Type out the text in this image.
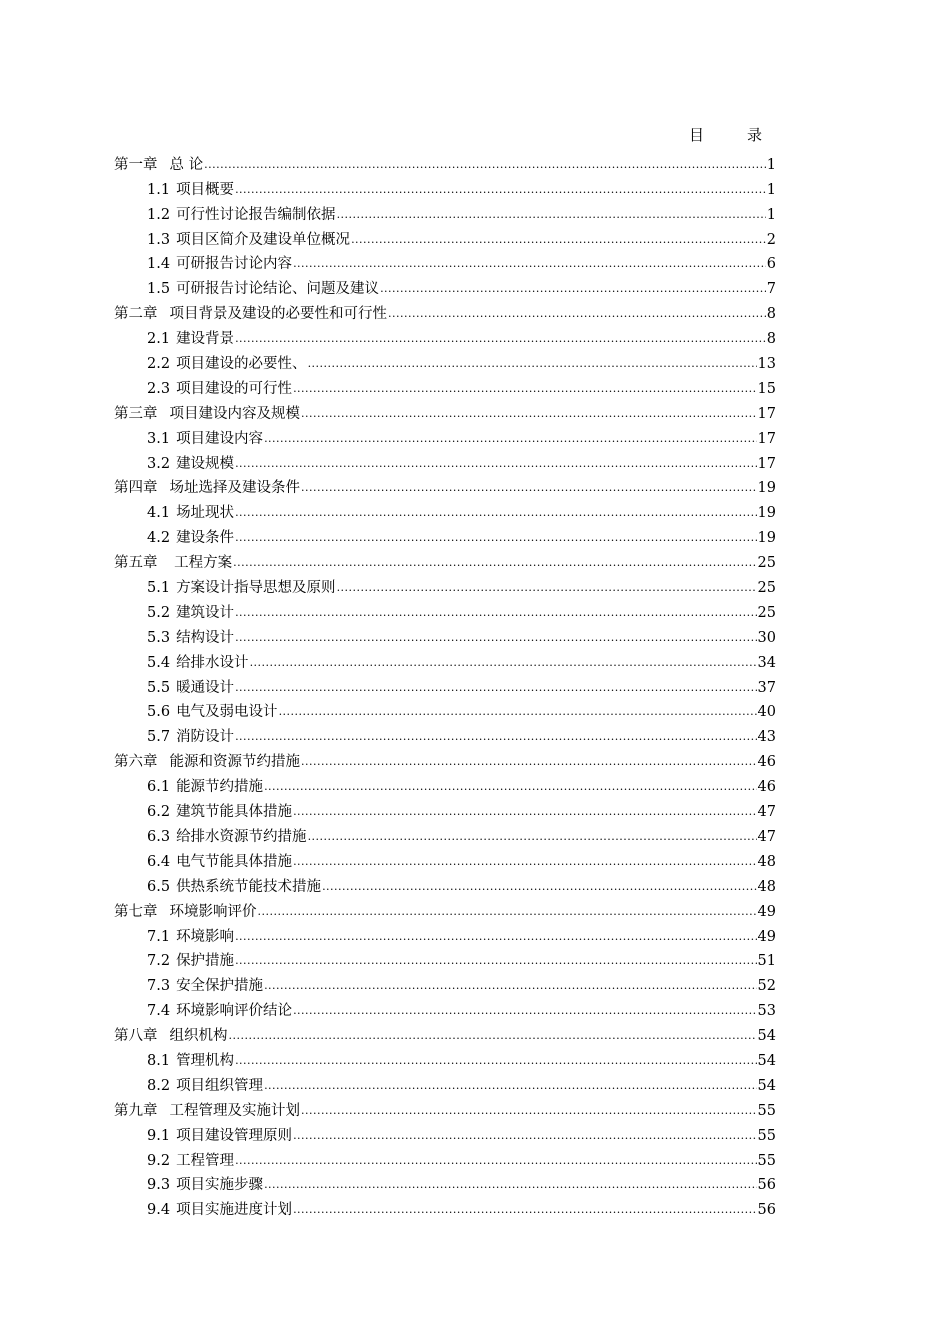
目　录
第一章 总 论 .....	1
1.1 项目概要 .....	1
1.2 可行性讨论报告编制依据 .....	1
1.3 项目区简介及建设单位概况 .....	2
1.4 可研报告讨论内容 .....	6
1.5 可研报告讨论结论、问题及建议 .....	7
第二章 项目背景及建设的必要性和可行性 .....	8
2.1 建设背景 .....	8
2.2 项目建设的必要性、 .....	13
2.3 项目建设的可行性 .....	15
第三章 项目建设内容及规模 .....	17
3.1 项目建设内容 .....	17
3.2 建设规模 .....	17
第四章 场址选择及建设条件 .....	19
4.1 场址现状 .....	19
4.2 建设条件 .....	19
第五章 工程方案 .....	25
5.1 方案设计指导思想及原则 .....	25
5.2 建筑设计 .....	25
5.3 结构设计 .....	30
5.4 给排水设计 .....	34
5.5 暖通设计 .....	37
5.6 电气及弱电设计 .....	40
5.7 消防设计 .....	43
第六章 能源和资源节约措施 .....	46
6.1 能源节约措施 .....	46
6.2 建筑节能具体措施 .....	47
6.3 给排水资源节约措施 .....	47
6.4 电气节能具体措施 .....	48
6.5 供热系统节能技术措施 .....	48
第七章 环境影响评价 .....	49
7.1 环境影响 .....	49
7.2 保护措施 .....	51
7.3 安全保护措施 .....	52
7.4 环境影响评价结论 .....	53
第八章 组织机构 .....	54
8.1 管理机构 .....	54
8.2 项目组织管理 .....	54
第九章 工程管理及实施计划 .....	55
9.1 项目建设管理原则 .....	55
9.2 工程管理 .....	55
9.3 项目实施步骤 .....	56
9.4 项目实施进度计划 .....	56
